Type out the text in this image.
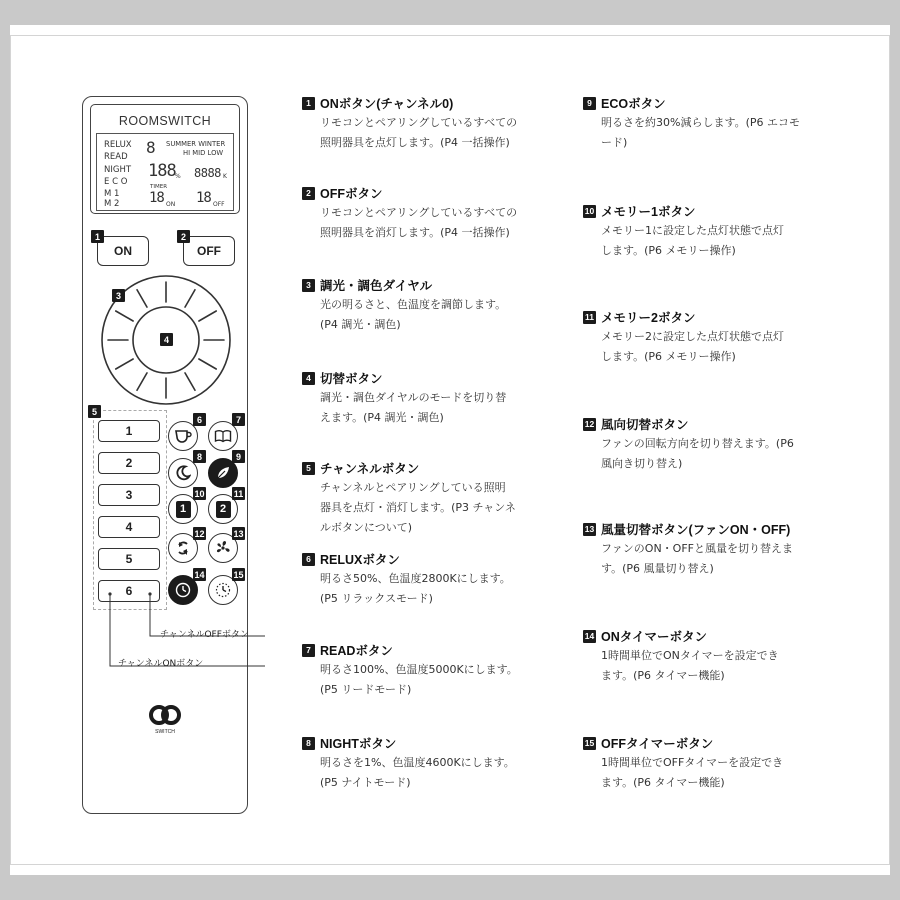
ROOMSWITCH
RELUX
READ
NIGHT
E C O
M 1
M 2
8 SUMMER WINTER
HI MID LOW
188 % 8888 K
TIMER
18 ON 18 OFF
ON	OFF
1	2
3
4
5
1
2
3
4
5
6
チャンネルOFFボタン
チャンネルONボタン
6	7
8	9
1
10
2
11
12	13
14	15
SWITCH
1 ONボタン(チャンネル0)
リモコンとペアリングしているすべての
照明器具を点灯します。(P4 一括操作)
2 OFFボタン
リモコンとペアリングしているすべての
照明器具を消灯します。(P4 一括操作)
3 調光・調色ダイヤル
光の明るさと、色温度を調節します。
(P4 調光・調色)
4 切替ボタン
調光・調色ダイヤルのモードを切り替
えます。(P4 調光・調色)
5 チャンネルボタン
チャンネルとペアリングしている照明
器具を点灯・消灯します。(P3 チャンネ
ルボタンについて)
6 RELUXボタン
明るさ50%、色温度2800Kにします。
(P5 リラックスモード)
7 READボタン
明るさ100%、色温度5000Kにします。
(P5 リードモード)
8 NIGHTボタン
明るさを1%、色温度4600Kにします。
(P5 ナイトモード)
9 ECOボタン
明るさを約30%減らします。(P6 エコモ
ード)
10 メモリー1ボタン
メモリー1に設定した点灯状態で点灯
します。(P6 メモリー操作)
11 メモリー2ボタン
メモリー2に設定した点灯状態で点灯
します。(P6 メモリー操作)
12 風向切替ボタン
ファンの回転方向を切り替えます。(P6
風向き切り替え)
13 風量切替ボタン(ファンON・OFF)
ファンのON・OFFと風量を切り替えま
す。(P6 風量切り替え)
14 ONタイマーボタン
1時間単位でONタイマーを設定でき
ます。(P6 タイマー機能)
15 OFFタイマーボタン
1時間単位でOFFタイマーを設定でき
ます。(P6 タイマー機能)
